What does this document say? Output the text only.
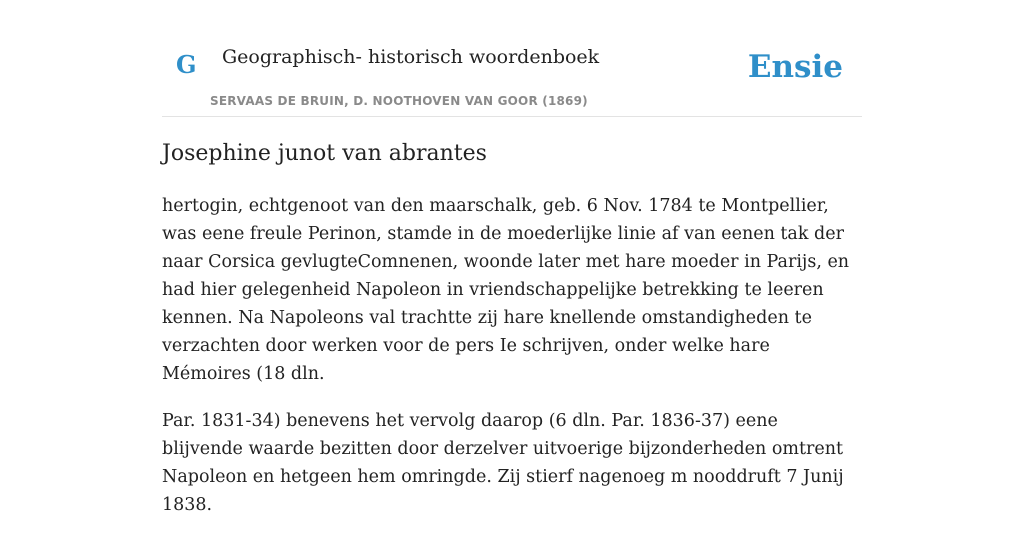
G Geographisch- historisch woordenboek
SERVAAS DE BRUIN, D. NOOTHOVEN VAN GOOR (1869)
Ensie
Josephine junot van abrantes

hertogin, echtgenoot van den maarschalk, geb. 6 Nov. 1784 te Montpellier, was eene freule Perinon, stamde in de moederlijke linie af van eenen tak der naar Corsica gevlugteComnenen, woonde later met hare moeder in Parijs, en had hier gelegenheid Napoleon in vriendschappelijke betrekking te leeren kennen. Na Napoleons val trachtte zij hare knellende omstandigheden te verzachten door werken voor de pers Ie schrijven, onder welke hare Mémoires (18 dln.

Par. 1831-34) benevens het vervolg daarop (6 dln. Par. 1836-37) eene blijvende waarde bezitten door derzelver uitvoerige bijzonderheden omtrent Napoleon en hetgeen hem omringde. Zij stierf nagenoeg m nooddruft 7 Junij 1838.
